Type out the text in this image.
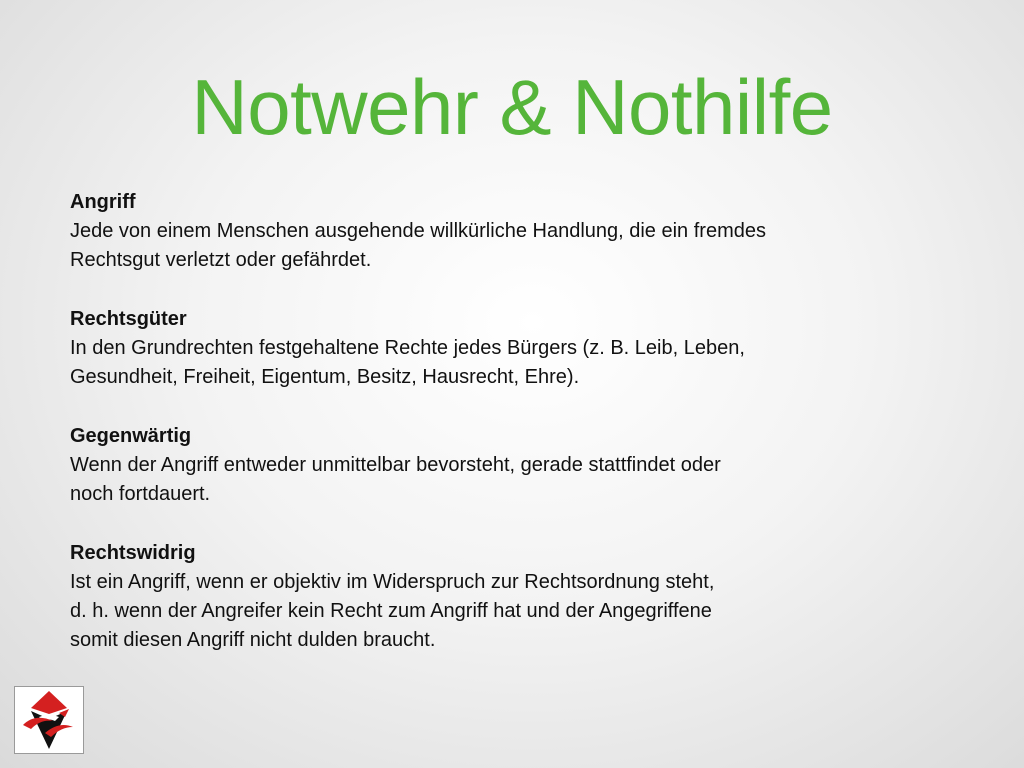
Notwehr & Nothilfe
Angriff
Jede von einem Menschen ausgehende willkürliche Handlung, die ein fremdes
Rechtsgut verletzt oder gefährdet.
Rechtsgüter
In den Grundrechten festgehaltene Rechte jedes Bürgers (z. B. Leib, Leben,
Gesundheit, Freiheit, Eigentum, Besitz, Hausrecht, Ehre).
Gegenwärtig
Wenn der Angriff entweder unmittelbar bevorsteht, gerade stattfindet oder
noch fortdauert.
Rechtswidrig
Ist ein Angriff, wenn er objektiv im Widerspruch zur Rechtsordnung steht,
d. h. wenn der Angreifer kein Recht zum Angriff hat und der Angegriffene
somit diesen Angriff nicht dulden braucht.
